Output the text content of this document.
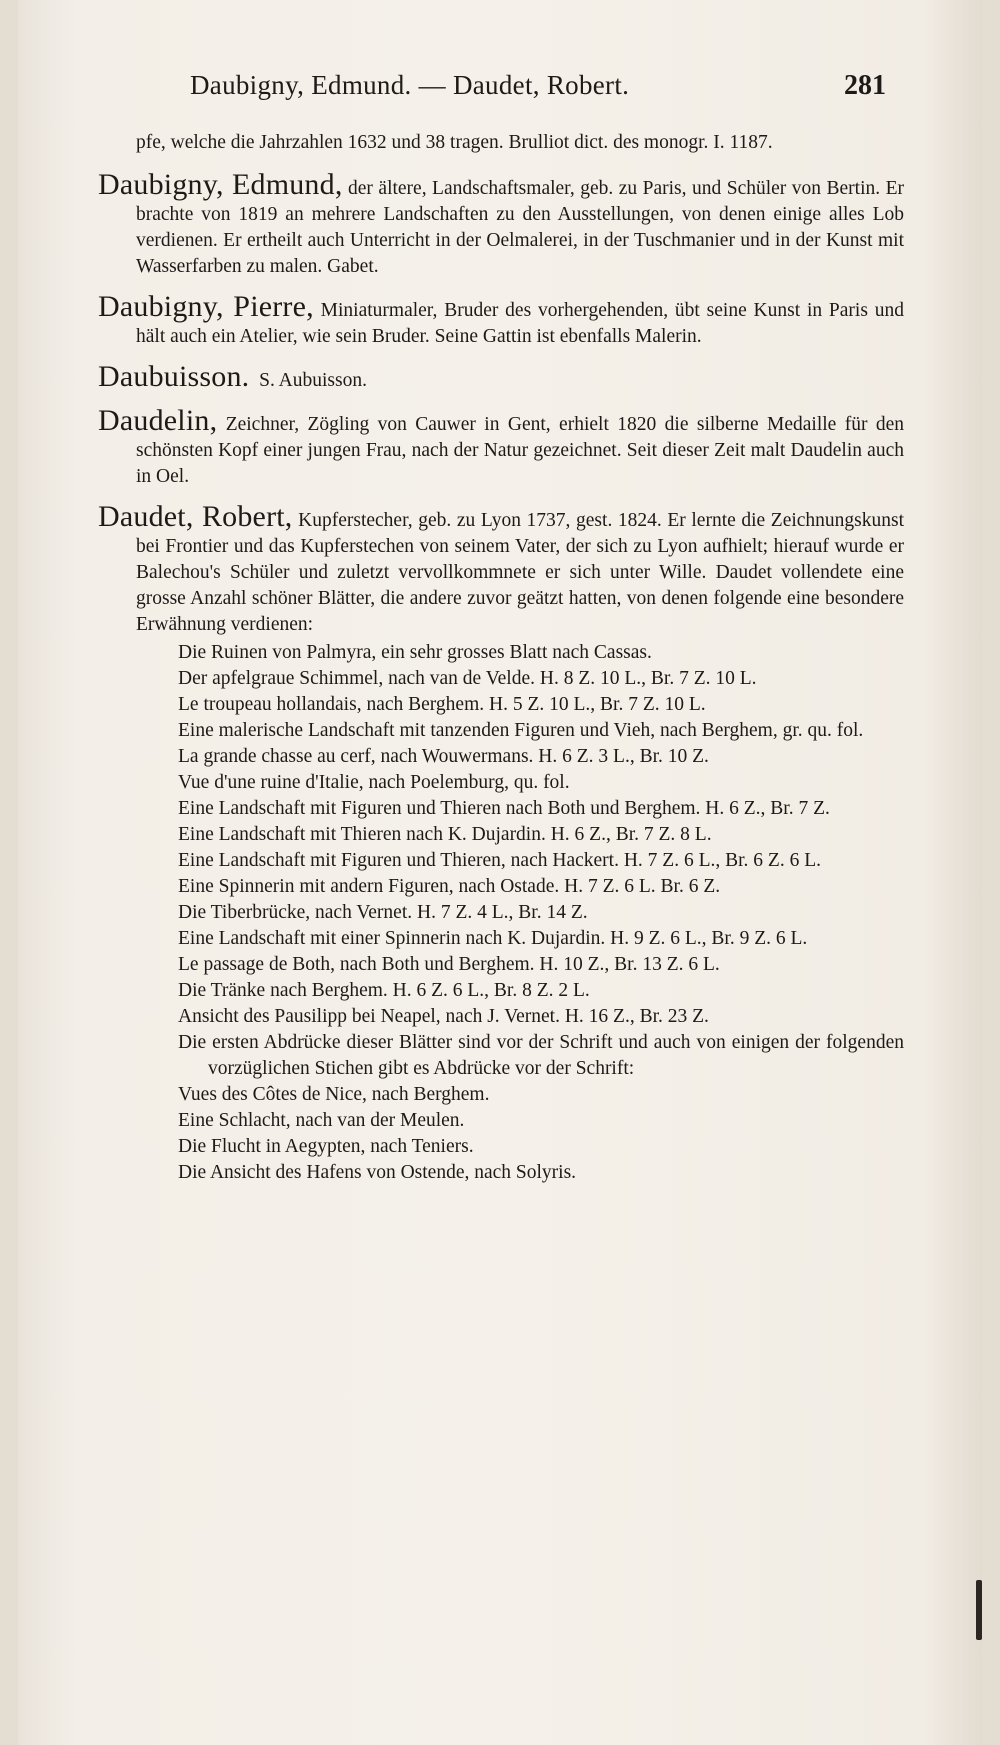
Daubigny, Edmund. — Daudet, Robert.	281
pfe, welche die Jahrzahlen 1632 und 38 tragen. Brulliot dict. des monogr. I. 1187.
Daubigny, Edmund, der ältere, Landschaftsmaler, geb. zu Paris, und Schüler von Bertin. Er brachte von 1819 an mehrere Landschaften zu den Ausstellungen, von denen einige alles Lob verdienen. Er ertheilt auch Unterricht in der Oelmalerei, in der Tuschmanier und in der Kunst mit Wasserfarben zu malen. Gabet.
Daubigny, Pierre, Miniaturmaler, Bruder des vorhergehenden, übt seine Kunst in Paris und hält auch ein Atelier, wie sein Bruder. Seine Gattin ist ebenfalls Malerin.
Daubuisson. S. Aubuisson.
Daudelin, Zeichner, Zögling von Cauwer in Gent, erhielt 1820 die silberne Medaille für den schönsten Kopf einer jungen Frau, nach der Natur gezeichnet. Seit dieser Zeit malt Daudelin auch in Oel.
Daudet, Robert, Kupferstecher, geb. zu Lyon 1737, gest. 1824. Er lernte die Zeichnungskunst bei Frontier und das Kupferstechen von seinem Vater, der sich zu Lyon aufhielt; hierauf wurde er Balechou's Schüler und zuletzt vervollkommnete er sich unter Wille. Daudet vollendete eine grosse Anzahl schöner Blätter, die andere zuvor geätzt hatten, von denen folgende eine besondere Erwähnung verdienen:
Die Ruinen von Palmyra, ein sehr grosses Blatt nach Cassas.
Der apfelgraue Schimmel, nach van de Velde. H. 8 Z. 10 L., Br. 7 Z. 10 L.
Le troupeau hollandais, nach Berghem. H. 5 Z. 10 L., Br. 7 Z. 10 L.
Eine malerische Landschaft mit tanzenden Figuren und Vieh, nach Berghem, gr. qu. fol.
La grande chasse au cerf, nach Wouwermans. H. 6 Z. 3 L., Br. 10 Z.
Vue d'une ruine d'Italie, nach Poelemburg, qu. fol.
Eine Landschaft mit Figuren und Thieren nach Both und Berghem. H. 6 Z., Br. 7 Z.
Eine Landschaft mit Thieren nach K. Dujardin. H. 6 Z., Br. 7 Z. 8 L.
Eine Landschaft mit Figuren und Thieren, nach Hackert. H. 7 Z. 6 L., Br. 6 Z. 6 L.
Eine Spinnerin mit andern Figuren, nach Ostade. H. 7 Z. 6 L. Br. 6 Z.
Die Tiberbrücke, nach Vernet. H. 7 Z. 4 L., Br. 14 Z.
Eine Landschaft mit einer Spinnerin nach K. Dujardin. H. 9 Z. 6 L., Br. 9 Z. 6 L.
Le passage de Both, nach Both und Berghem. H. 10 Z., Br. 13 Z. 6 L.
Die Tränke nach Berghem. H. 6 Z. 6 L., Br. 8 Z. 2 L.
Ansicht des Pausilipp bei Neapel, nach J. Vernet. H. 16 Z., Br. 23 Z.
Die ersten Abdrücke dieser Blätter sind vor der Schrift und auch von einigen der folgenden vorzüglichen Stichen gibt es Abdrücke vor der Schrift:
Vues des Côtes de Nice, nach Berghem.
Eine Schlacht, nach van der Meulen.
Die Flucht in Aegypten, nach Teniers.
Die Ansicht des Hafens von Ostende, nach Solyris.
